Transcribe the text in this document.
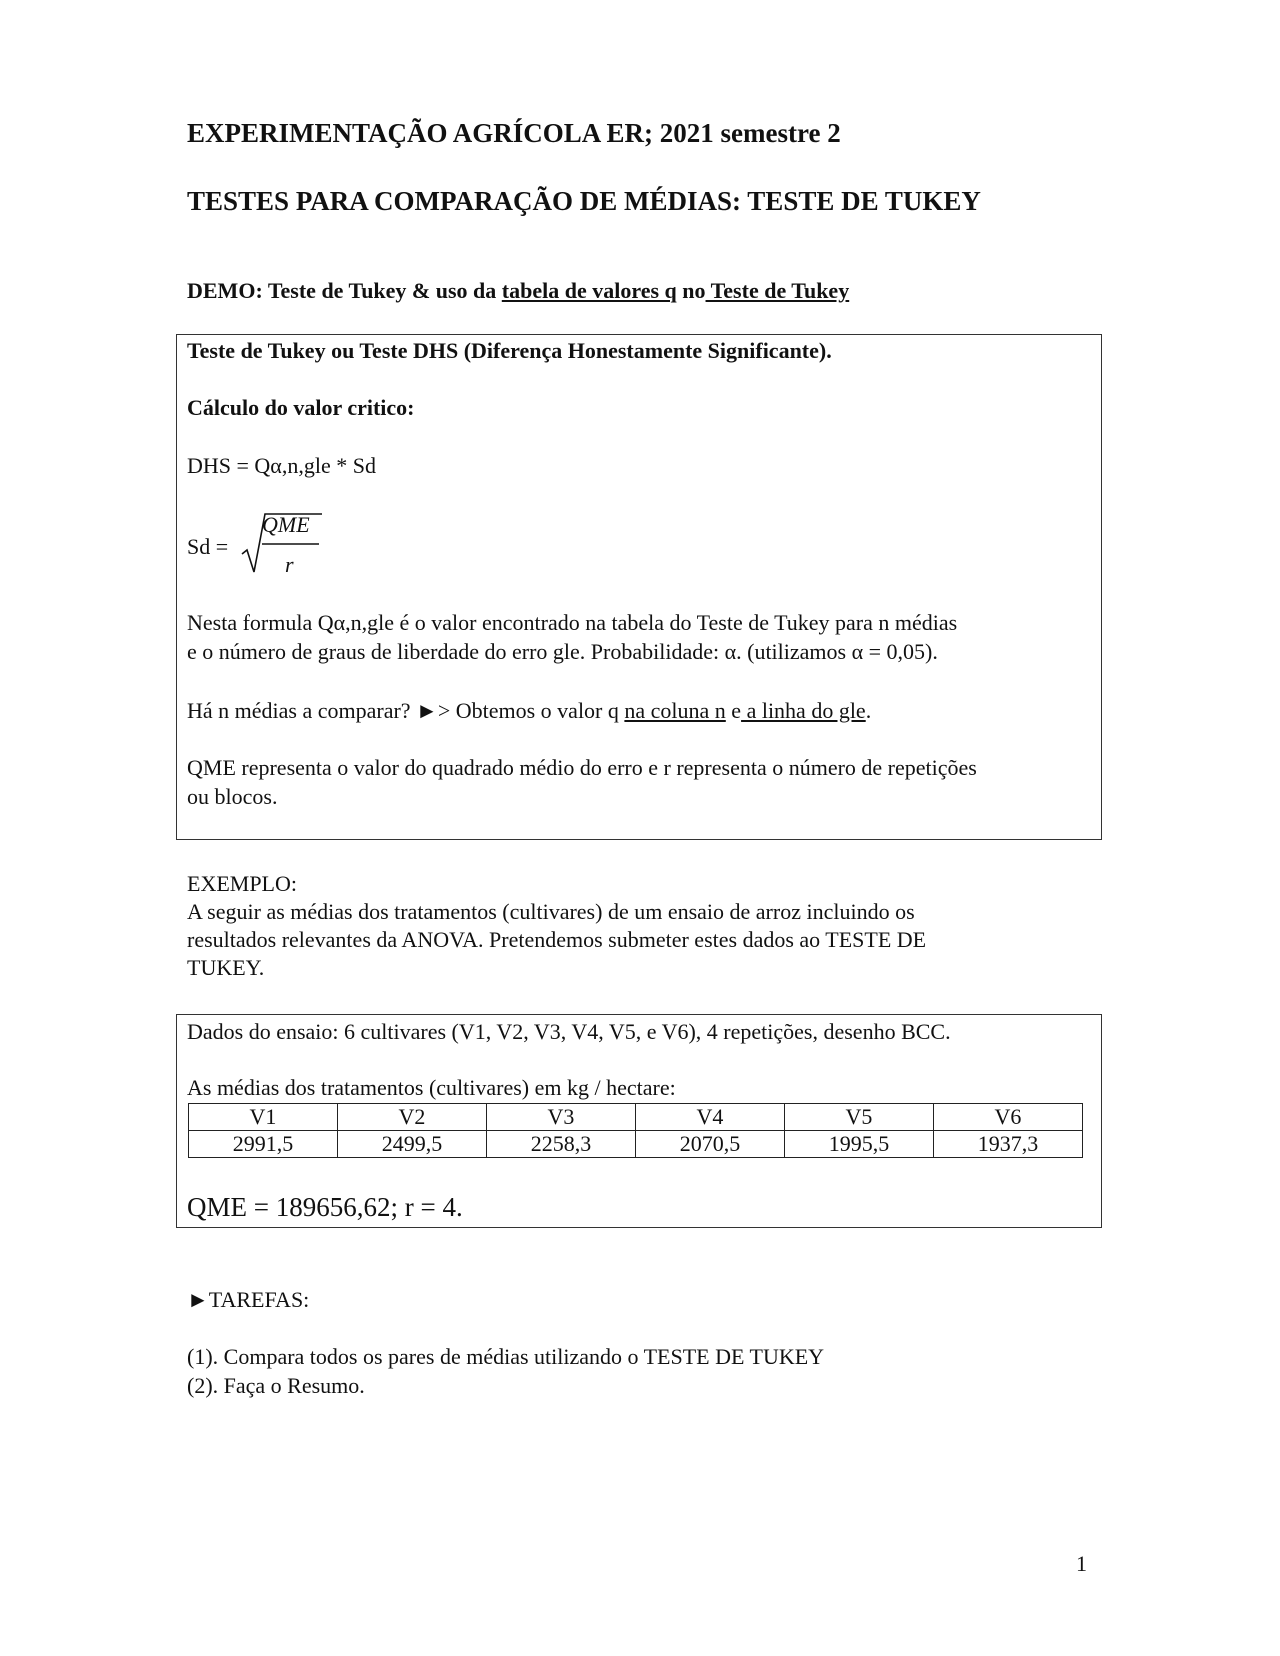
EXPERIMENTAÇÃO AGRÍCOLA ER; 2021 semestre 2
TESTES PARA COMPARAÇÃO DE MÉDIAS: TESTE DE TUKEY
DEMO: Teste de Tukey & uso da tabela de valores q no Teste de Tukey
Teste de Tukey ou Teste DHS (Diferença Honestamente Significante).
Cálculo do valor critico:
DHS = Qα,n,gle * Sd
Sd =
QME
r
Nesta formula Qα,n,gle é o valor encontrado na tabela do Teste de Tukey para n médias
e o número de graus de liberdade do erro gle. Probabilidade: α. (utilizamos α = 0,05).
Há n médias a comparar? ►> Obtemos o valor q na coluna n e a linha do gle.
QME representa o valor do quadrado médio do erro e r representa o número de repetições
ou blocos.
EXEMPLO:
A seguir as médias dos tratamentos (cultivares) de um ensaio de arroz incluindo os
resultados relevantes da ANOVA. Pretendemos submeter estes dados ao TESTE DE
TUKEY.
Dados do ensaio: 6 cultivares (V1, V2, V3, V4, V5, e V6), 4 repetições, desenho BCC.
As médias dos tratamentos (cultivares) em kg / hectare:
V1	V2	V3	V4	V5	V6
2991,5	2499,5	2258,3	2070,5	1995,5	1937,3
QME = 189656,62; r = 4.
►TAREFAS:
(1). Compara todos os pares de médias utilizando o TESTE DE TUKEY
(2). Faça o Resumo.
1
